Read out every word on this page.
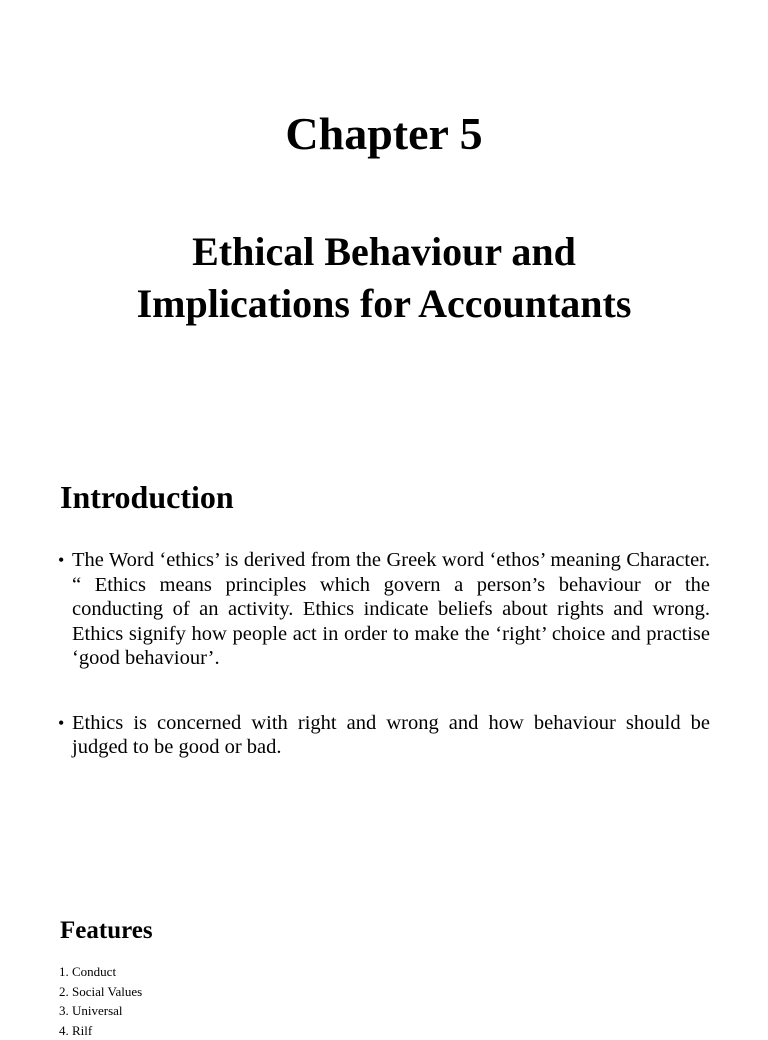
Chapter 5
Ethical Behaviour and
Implications for Accountants
Introduction
• The Word ‘ethics’ is derived from the Greek word ‘ethos’ meaning Character. “ Ethics means principles which govern a person’s behaviour or the conducting of an activity. Ethics indicate beliefs about rights and wrong. Ethics signify how people act in order to make the ‘right’ choice and practise ‘good behaviour’.
• Ethics is concerned with right and wrong and how behaviour should be judged to be good or bad.
Features
1. Conduct
2. Social Values
3. Universal
4. Rilf
